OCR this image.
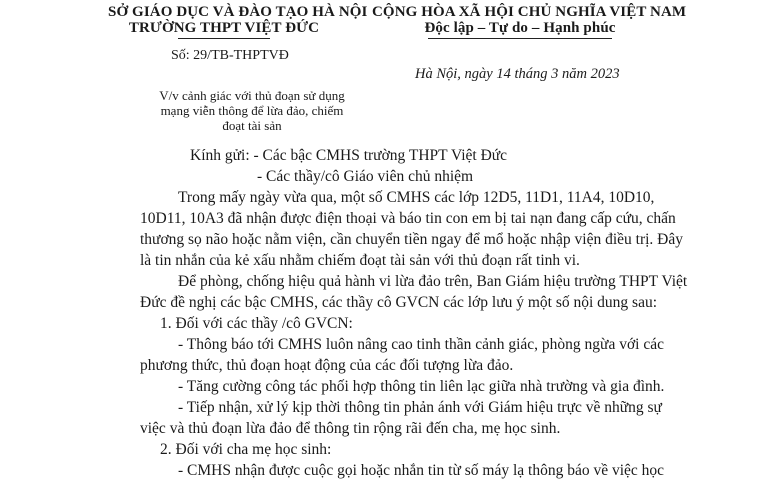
SỞ GIÁO DỤC VÀ ĐÀO TẠO HÀ NỘI
TRƯỜNG THPT VIỆT ĐỨC
Số: 29/TB-THPTVĐ
CỘNG HÒA XÃ HỘI CHỦ NGHĨA VIỆT NAM
Độc lập – Tự do – Hạnh phúc
Hà Nội, ngày 14 tháng 3 năm 2023
V/v cảnh giác với thủ đoạn sử dụng
mạng viễn thông để lừa đảo, chiếm
đoạt tài sản
Kính gửi: - Các bậc CMHS trường THPT Việt Đức
- Các thầy/cô Giáo viên chủ nhiệm
Trong mấy ngày vừa qua, một số CMHS các lớp 12D5, 11D1, 11A4, 10D10,
10D11, 10A3 đã nhận được điện thoại và báo tin con em bị tai nạn đang cấp cứu, chấn
thương sọ não hoặc nằm viện, cần chuyển tiền ngay để mổ hoặc nhập viện điều trị. Đây
là tin nhắn của kẻ xấu nhằm chiếm đoạt tài sản với thủ đoạn rất tinh vi.
Để phòng, chống hiệu quả hành vi lừa đảo trên, Ban Giám hiệu trường THPT Việt
Đức đề nghị các bậc CMHS, các thầy cô GVCN các lớp lưu ý một số nội dung sau:
1. Đối với các thầy /cô GVCN:
- Thông báo tới CMHS luôn nâng cao tinh thần cảnh giác, phòng ngừa với các
phương thức, thủ đoạn hoạt động của các đối tượng lừa đảo.
- Tăng cường công tác phối hợp thông tin liên lạc giữa nhà trường và gia đình.
- Tiếp nhận, xử lý kịp thời thông tin phản ánh với Giám hiệu trực về những sự
việc và thủ đoạn lừa đảo để thông tin rộng rãi đến cha, mẹ học sinh.
2. Đối với cha mẹ học sinh:
- CMHS nhận được cuộc gọi hoặc nhắn tin từ số máy lạ thông báo về việc học
